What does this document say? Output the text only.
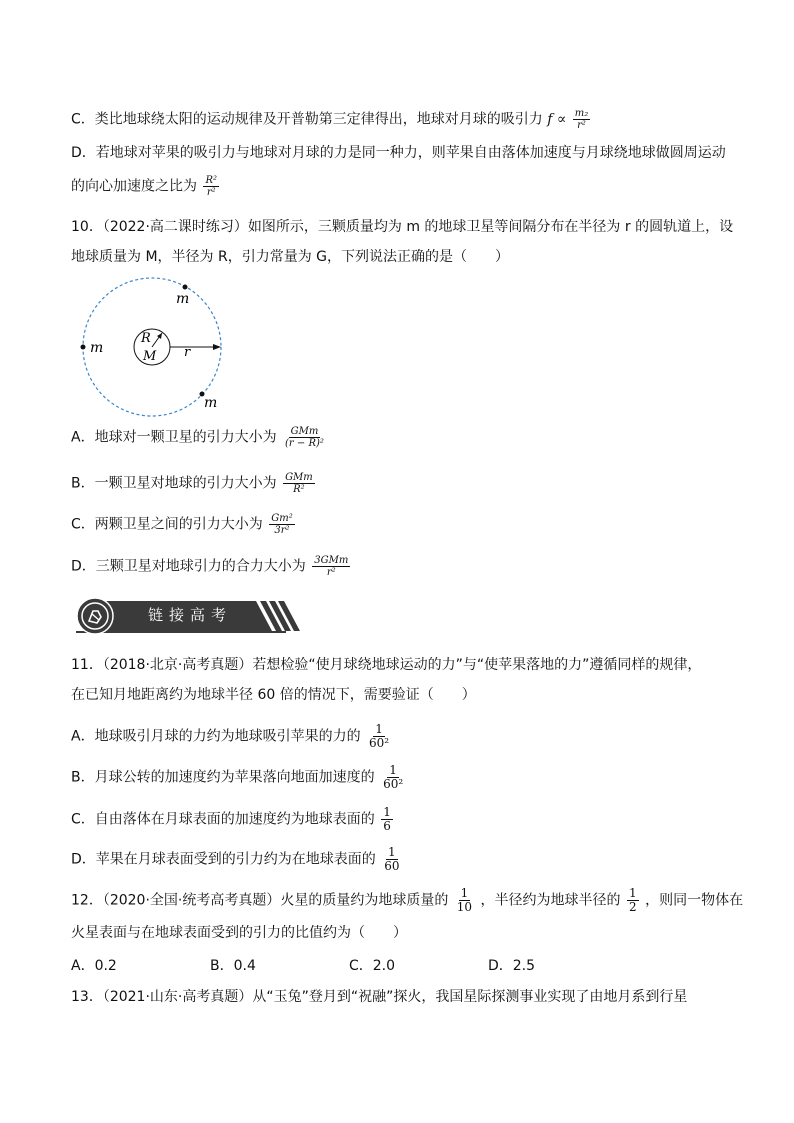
C．类比地球绕太阳的运动规律及开普勒第三定律得出，地球对月球的吸引力 $f \propto \frac{\text{m₂}}{\text{r²}}$
D．若地球对苹果的吸引力与地球对月球的力是同一种力，则苹果自由落体加速度与月球绕地球做圆周运动
的向心加速度之比为 $\frac{\text{R²}}{\text{r²}}$
10．（2022·高二课时练习）如图所示，三颗质量均为 m 的地球卫星等间隔分布在半径为 r 的圆轨道上，设
地球质量为 M，半径为 R，引力常量为 G，下列说法正确的是（　　）
m
m
m
R
M r
A．地球对一颗卫星的引力大小为 $\frac{\text{GMm}}{\text{(r − R)²}}$
B．一颗卫星对地球的引力大小为 $\frac{\text{GMm}}{\text{R²}}$
C．两颗卫星之间的引力大小为 $\frac{\text{Gm²}}{\text{3r²}}$
D．三颗卫星对地球引力的合力大小为 $\frac{\text{3GMm}}{\text{r²}}$
链接高考
11．（2018·北京·高考真题）若想检验“使月球绕地球运动的力”与“使苹果落地的力”遵循同样的规律，
在已知月地距离约为地球半径 60 倍的情况下，需要验证（　　）
A．地球吸引月球的力约为地球吸引苹果的力的 $\frac{1}{\text{60²}}$
B．月球公转的加速度约为苹果落向地面加速度的 $\frac{1}{\text{60²}}$
C．自由落体在月球表面的加速度约为地球表面的 $\frac{1}{6}$
D．苹果在月球表面受到的引力约为在地球表面的 $\frac{1}{60}$
12．（2020·全国·统考高考真题）火星的质量约为地球质量的 $\frac{1}{10}$ ，半径约为地球半径的 $\frac{1}{2}$ ，则同一物体在
火星表面与在地球表面受到的引力的比值约为（　　）
A．0.2	B．0.4	C．2.0	D．2.5
13．（2021·山东·高考真题）从“玉兔”登月到“祝融”探火，我国星际探测事业实现了由地月系到行星
